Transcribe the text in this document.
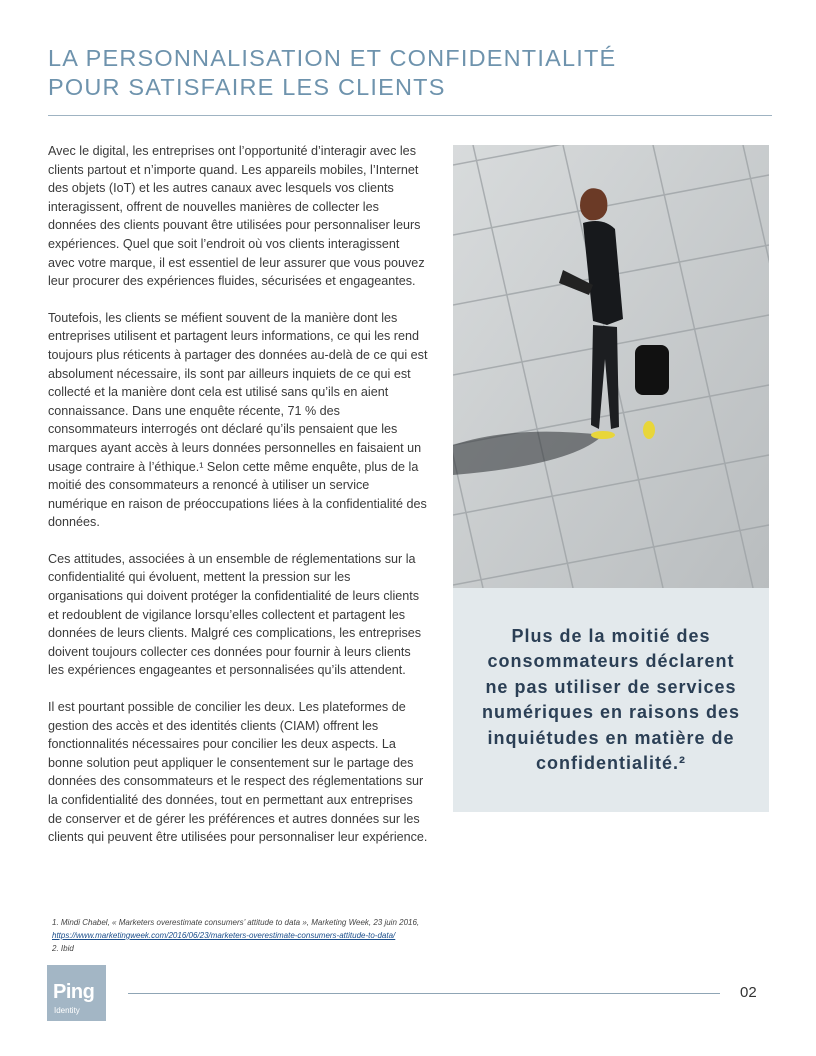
LA PERSONNALISATION ET CONFIDENTIALITÉ
POUR SATISFAIRE LES CLIENTS

Avec le digital, les entreprises ont l’opportunité d’interagir avec les clients partout et n’importe quand. Les appareils mobiles, l’Internet des objets (IoT) et les autres canaux avec lesquels vos clients interagissent, offrent de nouvelles manières de collecter les données des clients pouvant être utilisées pour personnaliser leurs expériences. Quel que soit l’endroit où vos clients interagissent avec votre marque, il est essentiel de leur assurer que vous pouvez leur procurer des expériences fluides, sécurisées et engageantes.

Toutefois, les clients se méfient souvent de la manière dont les entreprises utilisent et partagent leurs informations, ce qui les rend toujours plus réticents à partager des données au-delà de ce qui est absolument nécessaire, ils sont par ailleurs inquiets de ce qui est collecté et la manière dont cela est utilisé sans qu’ils en aient connaissance. Dans une enquête récente, 71 % des consommateurs interrogés ont déclaré qu’ils pensaient que les marques ayant accès à leurs données personnelles en faisaient un usage contraire à l’éthique.¹ Selon cette même enquête, plus de la moitié des consommateurs a renoncé à utiliser un service numérique en raison de préoccupations liées à la confidentialité des données.

Ces attitudes, associées à un ensemble de réglementations sur la confidentialité qui évoluent, mettent la pression sur les organisations qui doivent protéger la confidentialité de leurs clients et redoublent de vigilance lorsqu’elles collectent et partagent les données de leurs clients. Malgré ces complications, les entreprises doivent toujours collecter ces données pour fournir à leurs clients les expériences engageantes et personnalisées qu’ils attendent.

Il est pourtant possible de concilier les deux. Les plateformes de gestion des accès et des identités clients (CIAM) offrent les fonctionnalités nécessaires pour concilier les deux aspects. La bonne solution peut appliquer le consentement sur le partage des données des consommateurs et le respect des réglementations sur la confidentialité des données, tout en permettant aux entreprises de conserver et de gérer les préférences et autres données sur les clients qui peuvent être utilisées pour personnaliser leur expérience.

Plus de la moitié des consommateurs déclarent ne pas utiliser de services numériques en raisons des inquiétudes en matière de confidentialité.²
1. Mindi Chabel, « Marketers overestimate consumers’ attitude to data », Marketing Week, 23 juin 2016,
https://www.marketingweek.com/2016/06/23/marketers-overestimate-consumers-attitude-to-data/
2. Ibid
Ping
Identity
02
